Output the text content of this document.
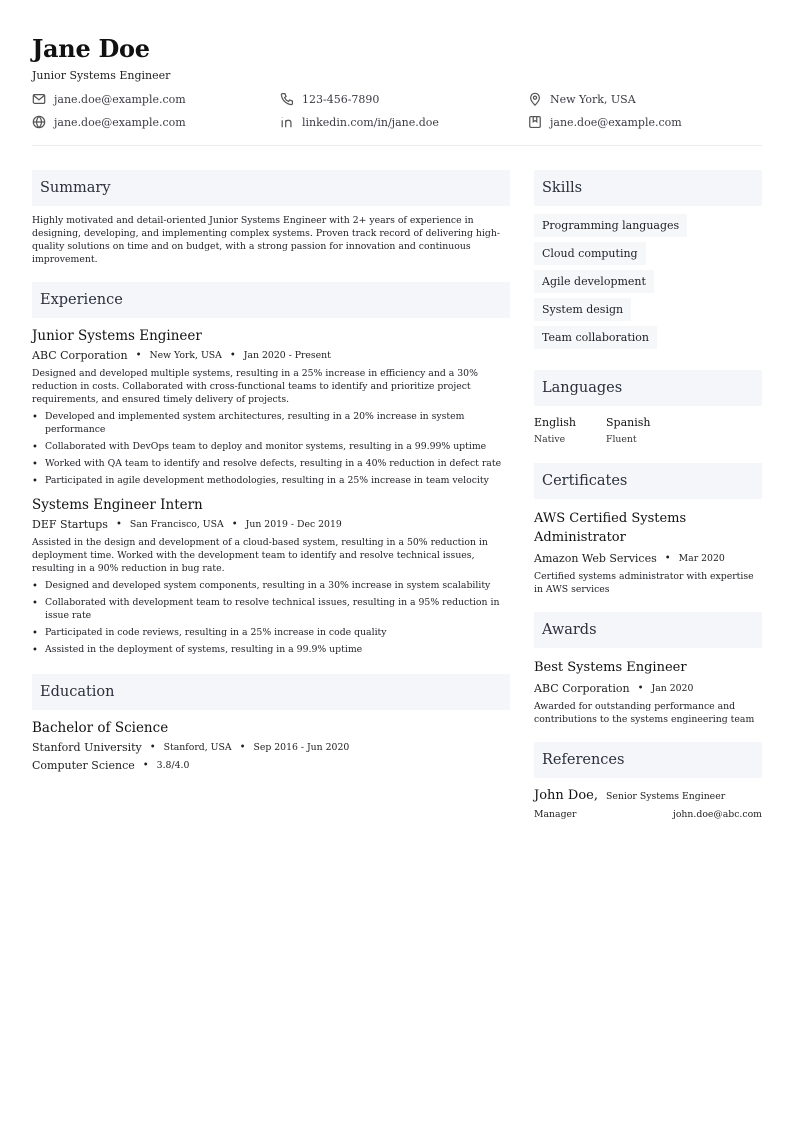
Jane Doe
Junior Systems Engineer
jane.doe@example.com	123-456-7890	New York, USA
jane.doe@example.com	linkedin.com/in/jane.doe	jane.doe@example.com
Summary

Highly motivated and detail-oriented Junior Systems Engineer with 2+ years of experience in designing, developing, and implementing complex systems. Proven track record of delivering high-quality solutions on time and on budget, with a strong passion for innovation and continuous improvement.

Experience
Junior Systems Engineer
ABC Corporation • New York, USA • Jan 2020 - Present

Designed and developed multiple systems, resulting in a 25% increase in efficiency and a 30% reduction in costs. Collaborated with cross-functional teams to identify and prioritize project requirements, and ensured timely delivery of projects.

• Developed and implemented system architectures, resulting in a 20% increase in system performance
• Collaborated with DevOps team to deploy and monitor systems, resulting in a 99.99% uptime
• Worked with QA team to identify and resolve defects, resulting in a 40% reduction in defect rate
• Participated in agile development methodologies, resulting in a 25% increase in team velocity
Systems Engineer Intern
DEF Startups • San Francisco, USA • Jun 2019 - Dec 2019

Assisted in the design and development of a cloud-based system, resulting in a 50% reduction in deployment time. Worked with the development team to identify and resolve technical issues, resulting in a 90% reduction in bug rate.

• Designed and developed system components, resulting in a 30% increase in system scalability
• Collaborated with development team to resolve technical issues, resulting in a 95% reduction in issue rate
• Participated in code reviews, resulting in a 25% increase in code quality
• Assisted in the deployment of systems, resulting in a 99.9% uptime
Education
Bachelor of Science
Stanford University • Stanford, USA • Sep 2016 - Jun 2020
Computer Science • 3.8/4.0
Skills
Programming languages
Cloud computing
Agile development
System design
Team collaboration
Languages
English
Native
Spanish
Fluent
Certificates
AWS Certified Systems Administrator
Amazon Web Services • Mar 2020

Certified systems administrator with expertise in AWS services

Awards
Best Systems Engineer
ABC Corporation • Jan 2020

Awarded for outstanding performance and contributions to the systems engineering team

References
John Doe, Senior Systems Engineer
Manager	john.doe@abc.com
